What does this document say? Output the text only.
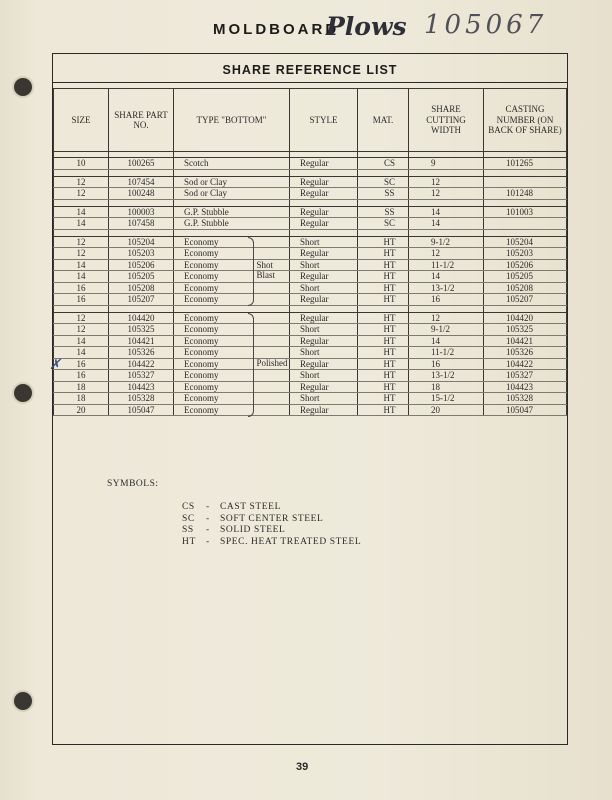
MOLDBOARD
Plows 105067
SHARE REFERENCE LIST
SIZE	SHARE PART NO.	TYPE "BOTTOM"	STYLE	MAT.	SHARE CUTTING WIDTH	CASTING NUMBER (ON BACK OF SHARE)

10	100265	Scotch	Regular	CS	9	101265

12	107454	Sod or Clay	Regular	SC	12	
12	100248	Sod or Clay	Regular	SS	12	101248

14	100003	G.P. Stubble	Regular	SS	14	101003
14	107458	G.P. Stubble	Regular	SC	14	

12	105204	Economy	Short	HT	9-1/2	105204
12	105203	Economy	Regular	HT	12	105203
14	105206	Economy	Short	HT	11-1/2	105206
14	105205	Economy	Regular	HT	14	105205
16	105208	Economy	Short	HT	13-1/2	105208
16	105207	Economy	Regular	HT	16	105207

12	104420	Economy	Regular	HT	12	104420
12	105325	Economy	Short	HT	9-1/2	105325
14	104421	Economy	Regular	HT	14	104421
14	105326	Economy	Short	HT	11-1/2	105326
16	104422	Economy	Regular	HT	16	104422
16	105327	Economy	Short	HT	13-1/2	105327
18	104423	Economy	Regular	HT	18	104423
18	105328	Economy	Short	HT	15-1/2	105328
20	105047	Economy	Regular	HT	20	105047
Shot
Blast
Polished
✗
SYMBOLS:
CS - CAST STEEL
SC - SOFT CENTER STEEL
SS - SOLID STEEL
HT - SPEC. HEAT TREATED STEEL
39
